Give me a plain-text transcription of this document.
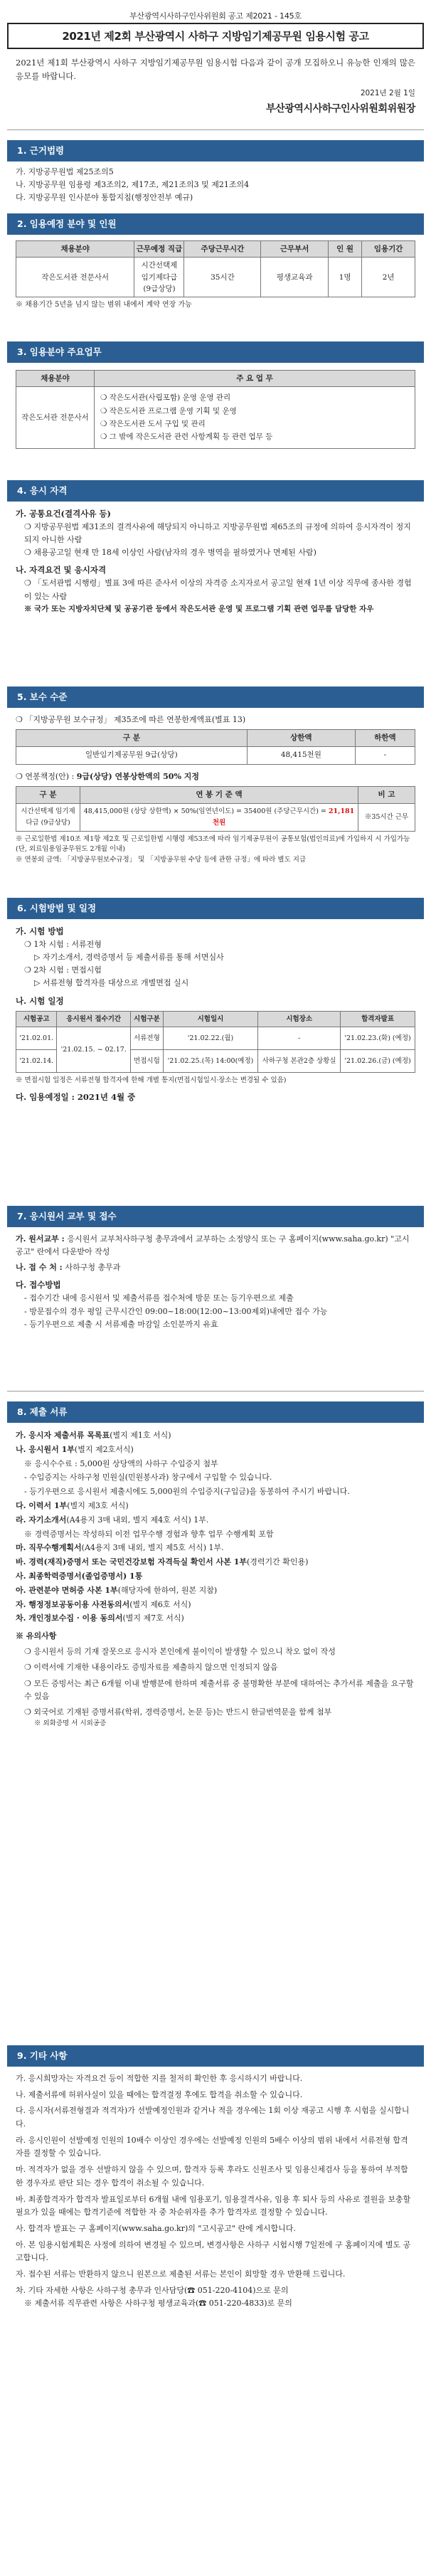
부산광역시사하구인사위원회 공고 제2021 - 145호
2021년 제2회 부산광역시 사하구 지방임기제공무원 임용시험 공고

2021년 제1회 부산광역시 사하구 지방임기제공무원 임용시험 다음과 같이 공개 모집하오니 유능한 인재의 많은 응모를 바랍니다.

2021년 2월 1일
부산광역시사하구인사위원회위원장
1. 근거법령
가. 지방공무원법 제25조의5
나. 지방공무원 임용령 제3조의2, 제17조, 제21조의3 및 제21조의4
다. 지방공무원 인사분야 통합지침(행정안전부 예규)
2. 임용예정 분야 및 인원
채용분야	근무예정 직급	주당근무시간	근무부서	인 원	임용기간
작은도서관 전문사서	시간선택제 임기제다급 (9급상당)	35시간	평생교육과	1명	2년
※ 채용기간 5년을 넘지 않는 범위 내에서 계약 연장 가능
3. 임용분야 주요업무
채용분야	주 요 업 무
작은도서관 전문사서	❍ 작은도서관(사립포함) 운영 운영 관리
❍ 작은도서관 프로그램 운영 기획 및 운영
❍ 작은도서관 도서 구입 및 관리
❍ 그 밖에 작은도서관 관련 사항계획 등 관련 업무 등
4. 응시 자격
가. 공통요건(결격사유 등)

❍ 지방공무원법 제31조의 결격사유에 해당되지 아니하고 지방공무원법 제65조의 규정에 의하여 응시자격이 정지되지 아니한 사람

❍ 채용공고일 현재 만 18세 이상인 사람(남자의 경우 병역을 필하였거나 면제된 사람)

나. 자격요건 및 응시자격

❍ 「도서관법 시행령」별표 3에 따른 준사서 이상의 자격증 소지자로서 공고일 현재 1년 이상 직무에 종사한 경험이 있는 사람

※ 국가 또는 지방자치단체 및 공공기관 등에서 작은도서관 운영 및 프로그램 기획 관련 업무를 담당한 자우

5. 보수 수준

❍ 「지방공무원 보수규정」 제35조에 따른 연봉한계액표(별표 13)

구 분	상한액	하한액
일반임기제공무원 9급(상당)	48,415천원	-

❍ 연봉책정(안) : 9급(상당) 연봉상한액의 50% 지정

구 분	연 봉 기 준 액	비 고
시간선택제 임기제다급 (9급상당)	48,415,000원 (상당 상한액) × 50%(임연년이도) = 35400원 (주당근무시간) = 21,181천원	※35시간 근무

※ 근로일한법 제10조 제1항 제2호 및 근로일한법 시행령 제53조에 따라 임기제공무원이 공통보험(법인의료)에 가입하지 시 가입가능(단, 외료임용임공무원도 2개월 이내)

※ 연봉외 금액: 「지방공무원보수규정」 및 「지방공무원 수당 등에 관한 규정」에 따라 별도 지급

6. 시험방법 및 일정
가. 시험 방법

❍ 1차 시험 : 서류전형

▷ 자기소개서, 경력증명서 등 제출서류를 통해 서면심사

❍ 2차 시험 : 면접시험

▷ 서류전형 합격자를 대상으로 개별면접 실시

나. 시험 일정
시험공고	응시원서 접수기간	시험구분	시험일시	시험장소	합격자발표
'21.02.01.	'21.02.15. ~ 02.17.	서류전형	'21.02.22.(월)	-	'21.02.23.(화) (예정)
'21.02.14.		면접시험	'21.02.25.(목) 14:00(예정)	사하구청 본관2층 상황실	'21.02.26.(금) (예정)

※ 면접시험 일정은 서류전형 합격자에 한해 개별 통지(면접시험일시·장소는 변경될 수 있음)

다. 임용예정일 : 2021년 4월 중

7. 응시원서 교부 및 접수

가. 원서교부 : 응시원서 교부처사하구청 총무과에서 교부하는 소정양식 또는 구 홈페이지(www.saha.go.kr) "고시공고" 란에서 다운받아 작성

나. 접 수 처 : 사하구청 총무과

다. 접수방법

- 접수기간 내에 응시원서 및 제출서류를 접수처에 방문 또는 등기우편으로 제출

- 방문접수의 경우 평일 근무시간인 09:00~18:00(12:00~13:00제외)내에만 접수 가능

- 등기우편으로 제출 시 서류제출 마감일 소인분까지 유효

8. 제출 서류

가. 응시자 제출서류 목록표(별지 제1호 서식)

나. 응시원서 1부(별지 제2호서식)

※ 응시수수료 : 5,000원 상당액의 사하구 수입증지 첨부

- 수입증지는 사하구청 민원실(민원봉사과) 창구에서 구입할 수 있습니다.

- 등기우편으로 응시원서 제출시에도 5,000원의 수입증지(구입금)을 동봉하여 주시기 바랍니다.

다. 이력서 1부(별지 제3호 서식)

라. 자기소개서(A4용지 3매 내외, 별지 제4호 서식) 1부.

※ 경력증명서는 작성하되 이전 업무수행 경험과 향후 업무 수행계획 포함

마. 직무수행계획서(A4용지 3매 내외, 별지 제5호 서식) 1부.

바. 경력(재직)증명서 또는 국민건강보험 자격득실 확인서 사본 1부(경력기간 확인용)

사. 최종학력증명서(졸업증명서) 1통

아. 관련분야 면허증 사본 1부(해당자에 한하여, 원본 지참)

자. 행정정보공동이용 사전동의서(별지 제6호 서식)

차. 개인정보수집 · 이용 동의서(별지 제7호 서식)

※ 유의사항

❍ 응시원서 등의 기재 잘못으로 응시자 본인에게 불이익이 발생할 수 있으니 착오 없이 작성

❍ 이력서에 기재한 내용이라도 증빙자료를 제출하지 않으면 인정되지 않음

❍ 모든 증빙서는 최근 6개월 이내 발행분에 한하며 제출서류 중 불명확한 부분에 대하여는 추가서류 제출을 요구할 수 있음

❍ 외국어로 기재된 증명서류(학위, 경력증명서, 논문 등)는 반드시 한글번역문을 함께 첨부

※ 외화증명 서 시외공증

9. 기타 사항

가. 응시희망자는 자격요건 등이 적합한 지를 철저히 확인한 후 응시하시기 바랍니다.

나. 제출서류에 허위사실이 있을 때에는 합격결정 후에도 합격을 취소할 수 있습니다.

다. 응시자(서류전형결과 적격자)가 선발예정인원과 같거나 적을 경우에는 1회 이상 재공고 시행 후 시험을 실시합니다.

라. 응시인원이 선발예정 인원의 10배수 이상인 경우에는 선발예정 인원의 5배수 이상의 범위 내에서 서류전형 합격자를 결정할 수 있습니다.

마. 적격자가 없을 경우 선발하지 않을 수 있으며, 합격자 등록 후라도 신원조사 및 임용신체검사 등을 통하여 부적합한 경우자로 판단 되는 경우 합격이 취소될 수 있습니다.

바. 최종합격자가 합격자 발표일로부터 6개월 내에 임용포기, 임용결격사유, 임용 후 퇴사 등의 사유로 결원을 보충할 필요가 있을 때에는 합격기준에 적합한 자 중 차순위자를 추가 합격자로 결정할 수 있습니다.

사. 합격자 발표는 구 홈페이지(www.saha.go.kr)의 "고시공고" 란에 게시합니다.

아. 본 임용시험계획은 사정에 의하여 변경될 수 있으며, 변경사항은 사하구 시험시행 7일전에 구 홈페이지에 별도 공고합니다.

자. 접수된 서류는 반환하지 않으니 원본으로 제출된 서류는 본인이 회망할 경우 반환해 드립니다.

차. 기타 자세한 사항은 사하구청 총무과 인사담당(☎ 051-220-4104)으로 문의

※ 제출서류 직무관련 사항은 사하구청 평생교육과(☎ 051-220-4833)로 문의
